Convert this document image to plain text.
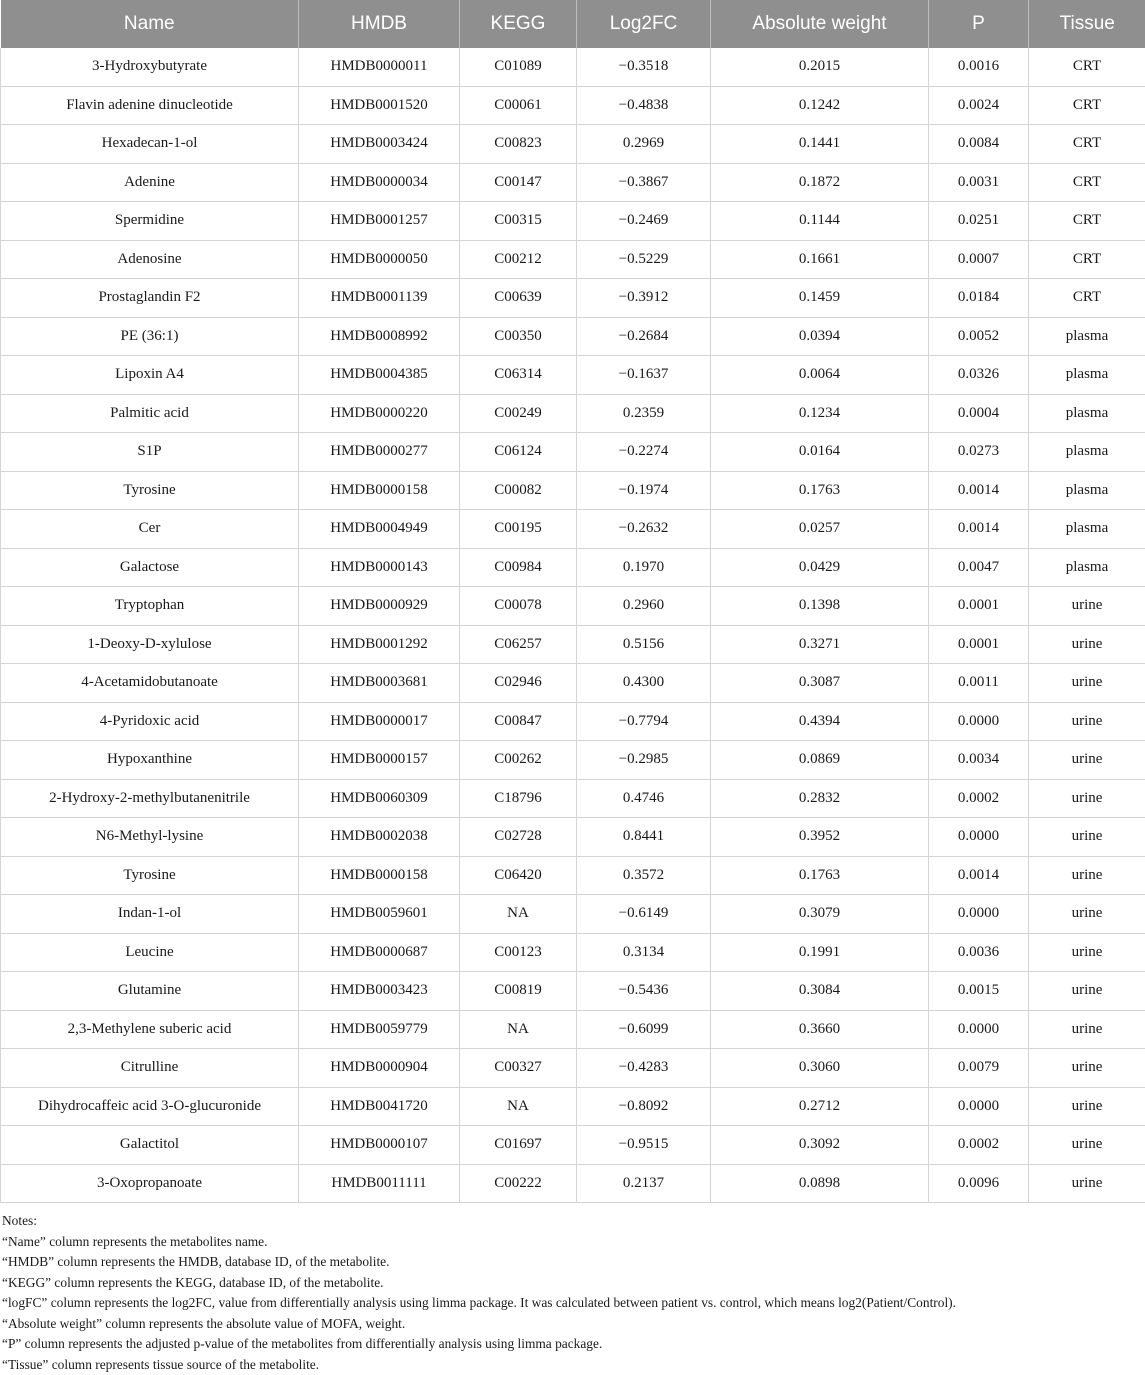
Name	HMDB	KEGG	Log2FC	Absolute weight	P	Tissue
3-Hydroxybutyrate	HMDB0000011	C01089	−0.3518	0.2015	0.0016	CRT
Flavin adenine dinucleotide	HMDB0001520	C00061	−0.4838	0.1242	0.0024	CRT
Hexadecan-1-ol	HMDB0003424	C00823	0.2969	0.1441	0.0084	CRT
Adenine	HMDB0000034	C00147	−0.3867	0.1872	0.0031	CRT
Spermidine	HMDB0001257	C00315	−0.2469	0.1144	0.0251	CRT
Adenosine	HMDB0000050	C00212	−0.5229	0.1661	0.0007	CRT
Prostaglandin F2	HMDB0001139	C00639	−0.3912	0.1459	0.0184	CRT
PE (36:1)	HMDB0008992	C00350	−0.2684	0.0394	0.0052	plasma
Lipoxin A4	HMDB0004385	C06314	−0.1637	0.0064	0.0326	plasma
Palmitic acid	HMDB0000220	C00249	0.2359	0.1234	0.0004	plasma
S1P	HMDB0000277	C06124	−0.2274	0.0164	0.0273	plasma
Tyrosine	HMDB0000158	C00082	−0.1974	0.1763	0.0014	plasma
Cer	HMDB0004949	C00195	−0.2632	0.0257	0.0014	plasma
Galactose	HMDB0000143	C00984	0.1970	0.0429	0.0047	plasma
Tryptophan	HMDB0000929	C00078	0.2960	0.1398	0.0001	urine
1-Deoxy-D-xylulose	HMDB0001292	C06257	0.5156	0.3271	0.0001	urine
4-Acetamidobutanoate	HMDB0003681	C02946	0.4300	0.3087	0.0011	urine
4-Pyridoxic acid	HMDB0000017	C00847	−0.7794	0.4394	0.0000	urine
Hypoxanthine	HMDB0000157	C00262	−0.2985	0.0869	0.0034	urine
2-Hydroxy-2-methylbutanenitrile	HMDB0060309	C18796	0.4746	0.2832	0.0002	urine
N6-Methyl-lysine	HMDB0002038	C02728	0.8441	0.3952	0.0000	urine
Tyrosine	HMDB0000158	C06420	0.3572	0.1763	0.0014	urine
Indan-1-ol	HMDB0059601	NA	−0.6149	0.3079	0.0000	urine
Leucine	HMDB0000687	C00123	0.3134	0.1991	0.0036	urine
Glutamine	HMDB0003423	C00819	−0.5436	0.3084	0.0015	urine
2,3-Methylene suberic acid	HMDB0059779	NA	−0.6099	0.3660	0.0000	urine
Citrulline	HMDB0000904	C00327	−0.4283	0.3060	0.0079	urine
Dihydrocaffeic acid 3-O-glucuronide	HMDB0041720	NA	−0.8092	0.2712	0.0000	urine
Galactitol	HMDB0000107	C01697	−0.9515	0.3092	0.0002	urine
3-Oxopropanoate	HMDB0011111	C00222	0.2137	0.0898	0.0096	urine
Notes:
“Name” column represents the metabolites name.
“HMDB” column represents the HMDB, database ID, of the metabolite.
“KEGG” column represents the KEGG, database ID, of the metabolite.
“logFC” column represents the log2FC, value from differentially analysis using limma package. It was calculated between patient vs. control, which means log2(Patient/Control).
“Absolute weight” column represents the absolute value of MOFA, weight.
“P” column represents the adjusted p-value of the metabolites from differentially analysis using limma package.
“Tissue” column represents tissue source of the metabolite.
